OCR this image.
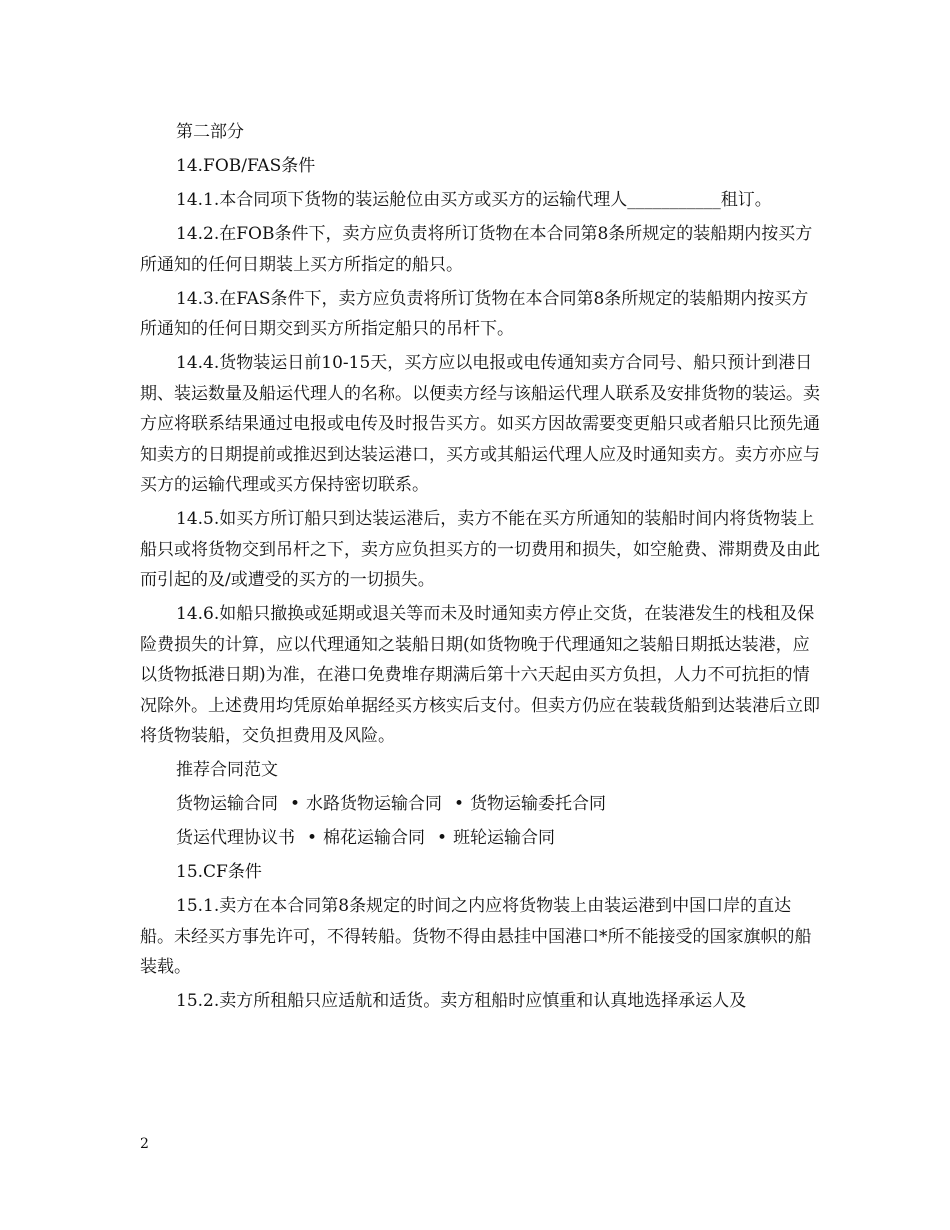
第二部分

14.FOB/FAS条件

14.1.本合同项下货物的装运舱位由买方或买方的运输代理人___________租订。

14.2.在FOB条件下，卖方应负责将所订货物在本合同第8条所规定的装船期内按买方所通知的任何日期装上买方所指定的船只。

14.3.在FAS条件下，卖方应负责将所订货物在本合同第8条所规定的装船期内按买方所通知的任何日期交到买方所指定船只的吊杆下。

14.4.货物装运日前10-15天，买方应以电报或电传通知卖方合同号、船只预计到港日期、装运数量及船运代理人的名称。以便卖方经与该船运代理人联系及安排货物的装运。卖方应将联系结果通过电报或电传及时报告买方。如买方因故需要变更船只或者船只比预先通知卖方的日期提前或推迟到达装运港口，买方或其船运代理人应及时通知卖方。卖方亦应与买方的运输代理或买方保持密切联系。

14.5.如买方所订船只到达装运港后，卖方不能在买方所通知的装船时间内将货物装上船只或将货物交到吊杆之下，卖方应负担买方的一切费用和损失，如空舱费、滞期费及由此而引起的及/或遭受的买方的一切损失。

14.6.如船只撤换或延期或退关等而未及时通知卖方停止交货，在装港发生的栈租及保险费损失的计算，应以代理通知之装船日期(如货物晚于代理通知之装船日期抵达装港，应以货物抵港日期)为准，在港口免费堆存期满后第十六天起由买方负担，人力不可抗拒的情况除外。上述费用均凭原始单据经买方核实后支付。但卖方仍应在装载货船到达装港后立即将货物装船，交负担费用及风险。

推荐合同范文

货物运输合同 • 水路货物运输合同 • 货物运输委托合同
货运代理协议书 • 棉花运输合同 • 班轮运输合同

15.CF条件

15.1.卖方在本合同第8条规定的时间之内应将货物装上由装运港到中国口岸的直达船。未经买方事先许可，不得转船。货物不得由悬挂中国港口*所不能接受的国家旗帜的船装载。

15.2.卖方所租船只应适航和适货。卖方租船时应慎重和认真地选择承运人及

2
